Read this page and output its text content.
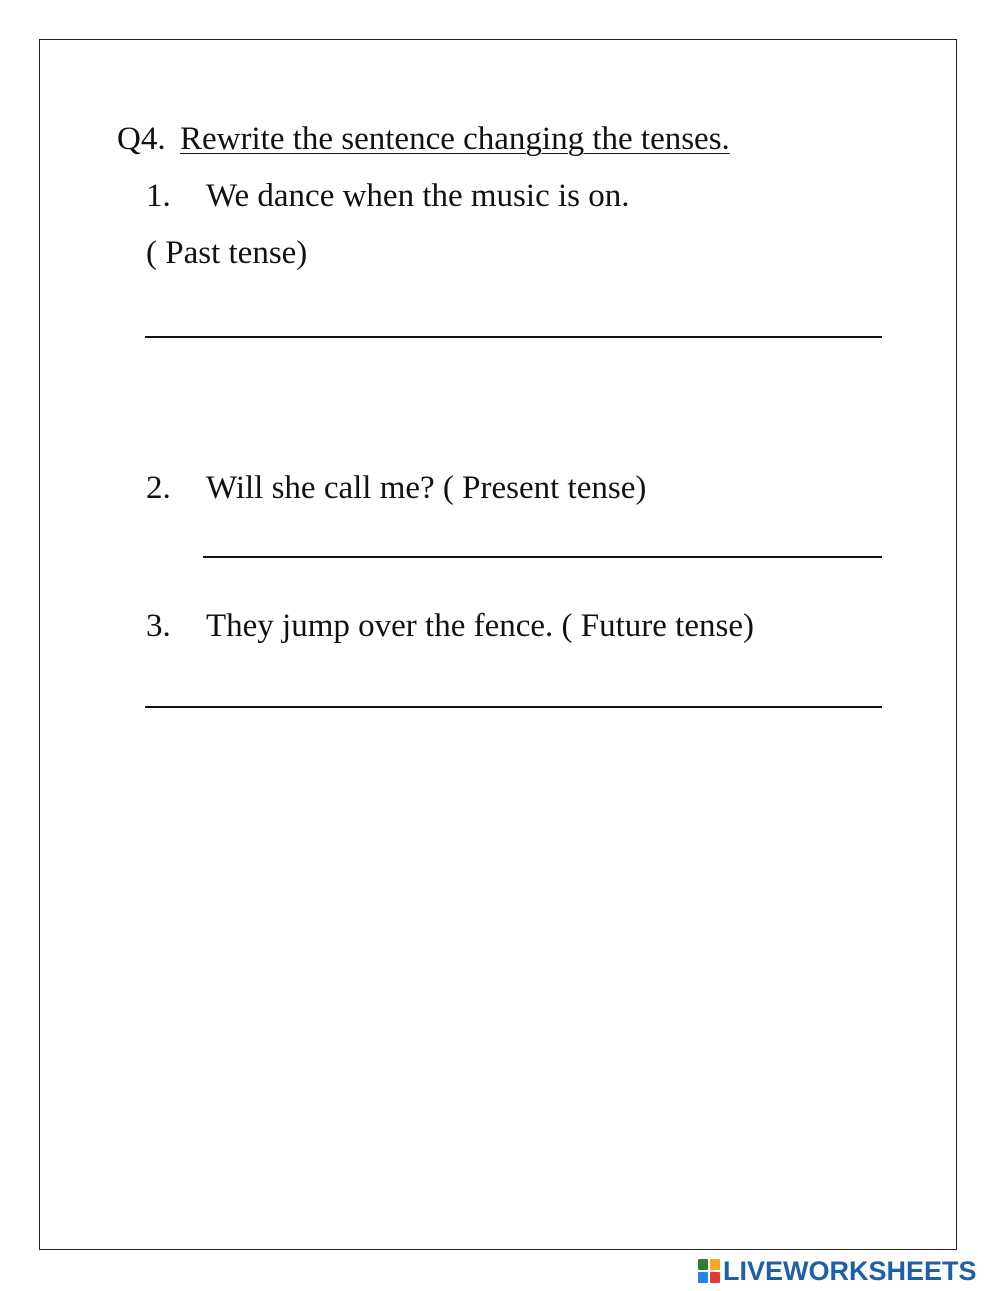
Q4. Rewrite the sentence changing the tenses.
1. We dance when the music is on.
( Past tense)
2. Will she call me? ( Present tense)
3. They jump over the fence. ( Future tense)
LIVEWORKSHEETS
